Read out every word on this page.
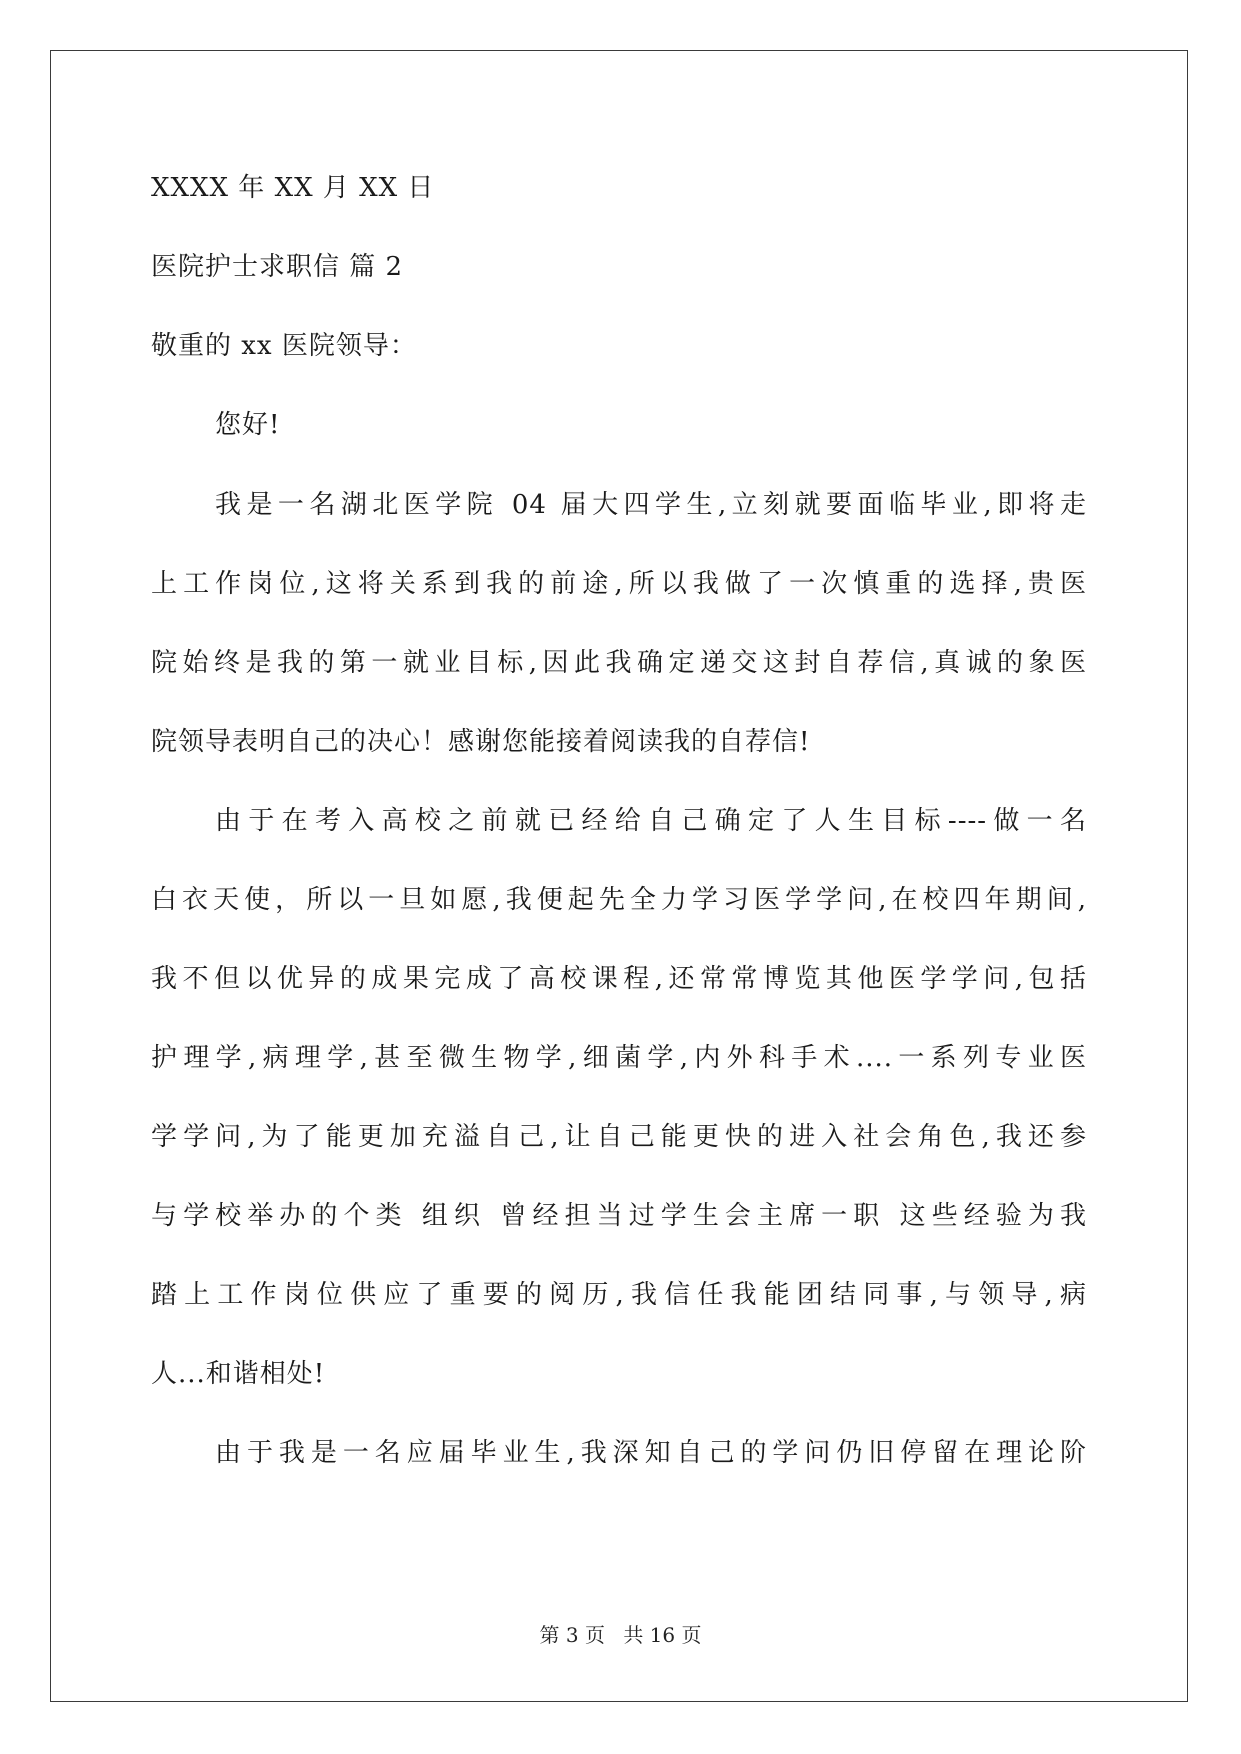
XXXX 年 XX 月 XX 日
医院护士求职信 篇 2
敬重的 xx 医院领导：
您好!
我是一名湖北医学院 04 届大四学生,立刻就要面临毕业,即将走
上工作岗位,这将关系到我的前途,所以我做了一次慎重的选择,贵医
院始终是我的第一就业目标,因此我确定递交这封自荐信,真诚的象医
院领导表明自己的决心！感谢您能接着阅读我的自荐信!
由于在考入高校之前就已经给自己确定了人生目标----做一名
白衣天使，所以一旦如愿,我便起先全力学习医学学问,在校四年期间,
我不但以优异的成果完成了高校课程,还常常博览其他医学学问,包括
护理学,病理学,甚至微生物学,细菌学,内外科手术....一系列专业医
学学问,为了能更加充溢自己,让自己能更快的进入社会角色,我还参
与学校举办的个类 组织 曾经担当过学生会主席一职 这些经验为我
踏上工作岗位供应了重要的阅历,我信任我能团结同事,与领导,病
人...和谐相处!
由于我是一名应届毕业生,我深知自己的学问仍旧停留在理论阶
第 3 页 共 16 页
